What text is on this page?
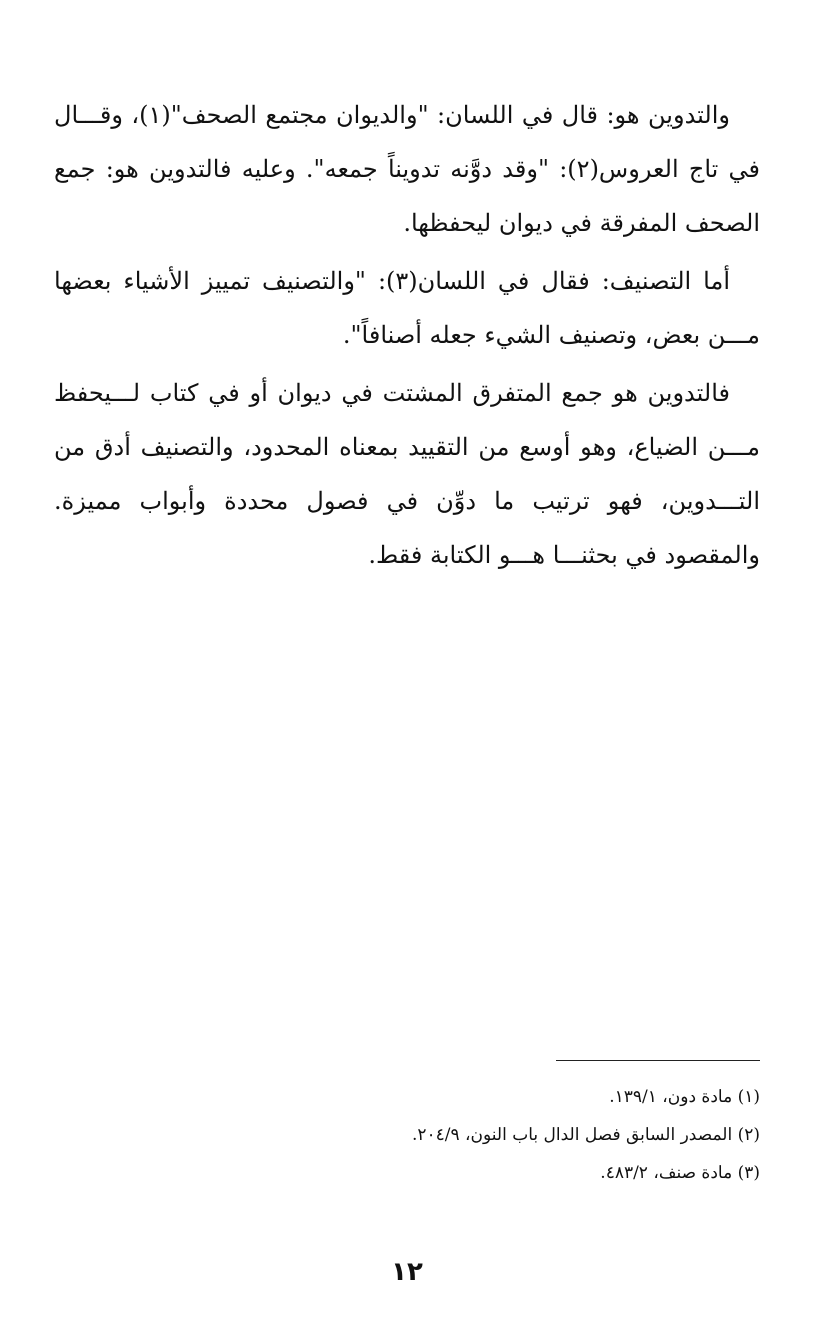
والتدوين هو: قال في اللسان: "والديوان مجتمع الصحف"(١)، وقـــال في تاج العروس(٢): "وقد دوَّنه تدويناً جمعه". وعليه فالتدوين هو: جمع الصحف المفرقة في ديوان ليحفظها.

أما التصنيف: فقال في اللسان(٣): "والتصنيف تمييز الأشياء بعضها مـــن بعض، وتصنيف الشيء جعله أصنافاً".

فالتدوين هو جمع المتفرق المشتت في ديوان أو في كتاب لـــيحفظ مـــن الضياع، وهو أوسع من التقييد بمعناه المحدود، والتصنيف أدق من التـــدوين، فهو ترتيب ما دوِّن في فصول محددة وأبواب مميزة. والمقصود في بحثنـــا هـــو الكتابة فقط.

(١) مادة دون، ١٣٩/١.

(٢) المصدر السابق فصل الدال باب النون، ٢٠٤/٩.

(٣) مادة صنف، ٤٨٣/٢.

١٢
